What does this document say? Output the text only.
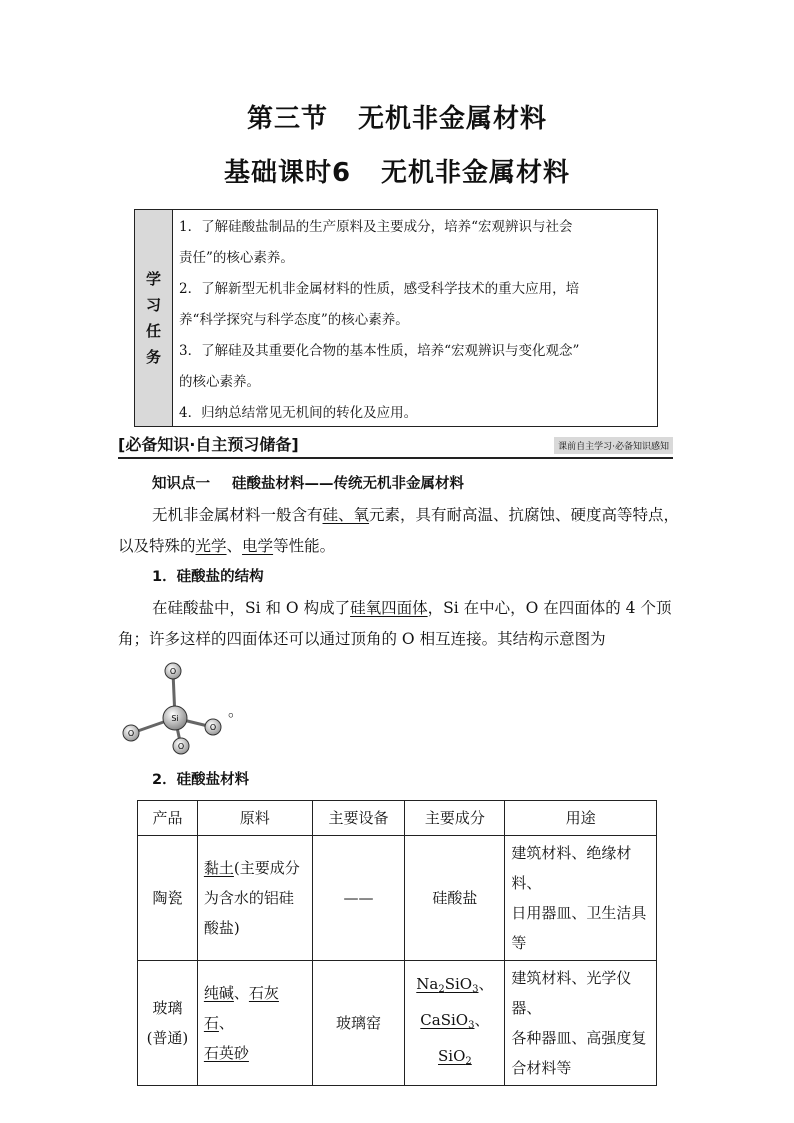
第三节 无机非金属材料
基础课时6 无机非金属材料
学
习
任
务

1．了解硅酸盐制品的生产原料及主要成分，培养“宏观辨识与社会

责任”的核心素养。

2．了解新型无机非金属材料的性质，感受科学技术的重大应用，培

养“科学探究与科学态度”的核心素养。

3．了解硅及其重要化合物的基本性质，培养“宏观辨识与变化观念”

的核心素养。

4．归纳总结常见无机间的转化及应用。

[必备知识·自主预习储备]	课前自主学习·必备知识感知
知识点一 硅酸盐材料——传统无机非金属材料
无机非金属材料一般含有硅、氧元素，具有耐高温、抗腐蚀、硬度高等特点，
以及特殊的光学、电学等性能。
1．硅酸盐的结构
在硅酸盐中，Si 和 O 构成了硅氧四面体，Si 在中心，O 在四面体的 4 个顶
角；许多这样的四面体还可以通过顶角的 O 相互连接。其结构示意图为
O
O
O
Si
O
。
2．硅酸盐材料
产品	原料	主要设备	主要成分	用途
陶瓷	黏土(主要成分
为含水的铝硅
酸盐)	——	硅酸盐	建筑材料、绝缘材料、
日用器皿、卫生洁具
等
玻璃
(普通)	纯碱、石灰石、
石英砂	玻璃窑	$Na_2SiO_3$、
CaSiO$_3$、
SiO$_2$	建筑材料、光学仪器、
各种器皿、高强度复
合材料等
